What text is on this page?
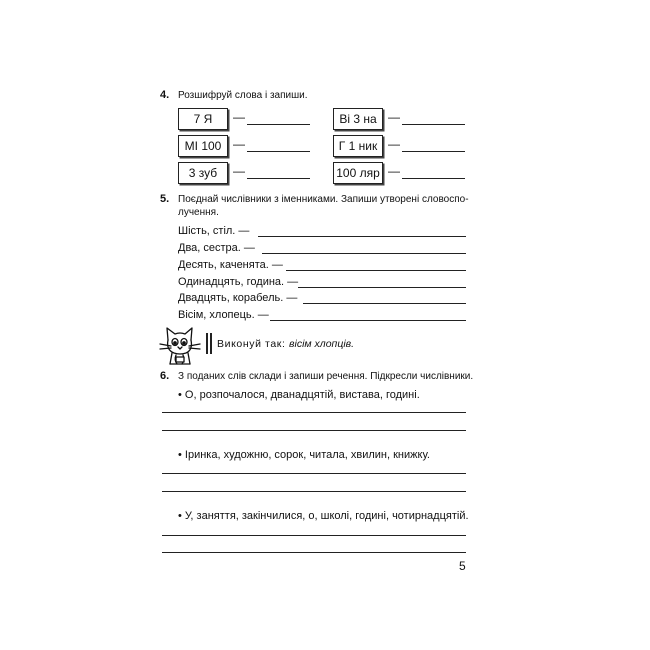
4. Розшифруй слова і запиши.
7 Я	—	Ві 3 на —
МІ 100 —	Г 1 ник —
3 зуб	—	100 ляр —
5. Поєднай числівники з іменниками. Запиши утворені словоспо-
лучення.
Шість, стіл. —
Два, сестра. —
Десять, каченята. —
Одинадцять, година. —
Двадцять, корабель. —
Вісім, хлопець. —
Виконуй так: вісім хлопців.
6. З поданих слів склади і запиши речення. Підкресли числівники.
• О, розпочалося, дванадцятій, вистава, годині.
• Іринка, художню, сорок, читала, хвилин, книжку.
• У, заняття, закінчилися, о, школі, годині, чотирнадцятій.
5
